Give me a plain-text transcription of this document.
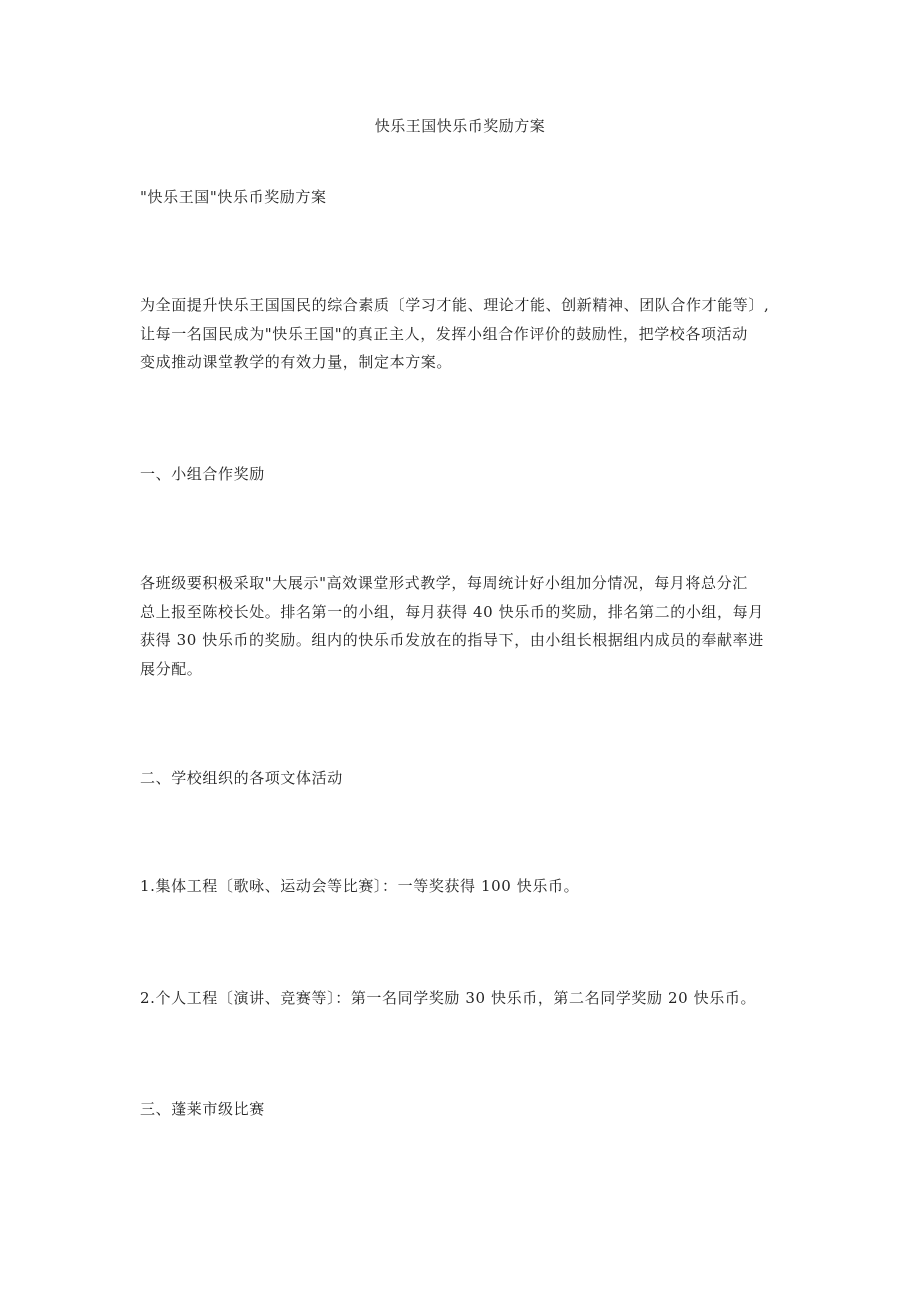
快乐王国快乐币奖励方案

"快乐王国"快乐币奖励方案

为全面提升快乐王国国民的综合素质〔学习才能、理论才能、创新精神、团队合作才能等〕,

让每一名国民成为"快乐王国"的真正主人，发挥小组合作评价的鼓励性，把学校各项活动

变成推动课堂教学的有效力量，制定本方案。

一、小组合作奖励

各班级要积极采取"大展示"高效课堂形式教学，每周统计好小组加分情况，每月将总分汇

总上报至陈校长处。排名第一的小组，每月获得 40 快乐币的奖励，排名第二的小组，每月

获得 30 快乐币的奖励。组内的快乐币发放在的指导下，由小组长根据组内成员的奉献率进

展分配。

二、学校组织的各项文体活动

1.集体工程〔歌咏、运动会等比赛〕：一等奖获得 100 快乐币。

2.个人工程〔演讲、竞赛等〕：第一名同学奖励 30 快乐币，第二名同学奖励 20 快乐币。

三、蓬莱市级比赛
